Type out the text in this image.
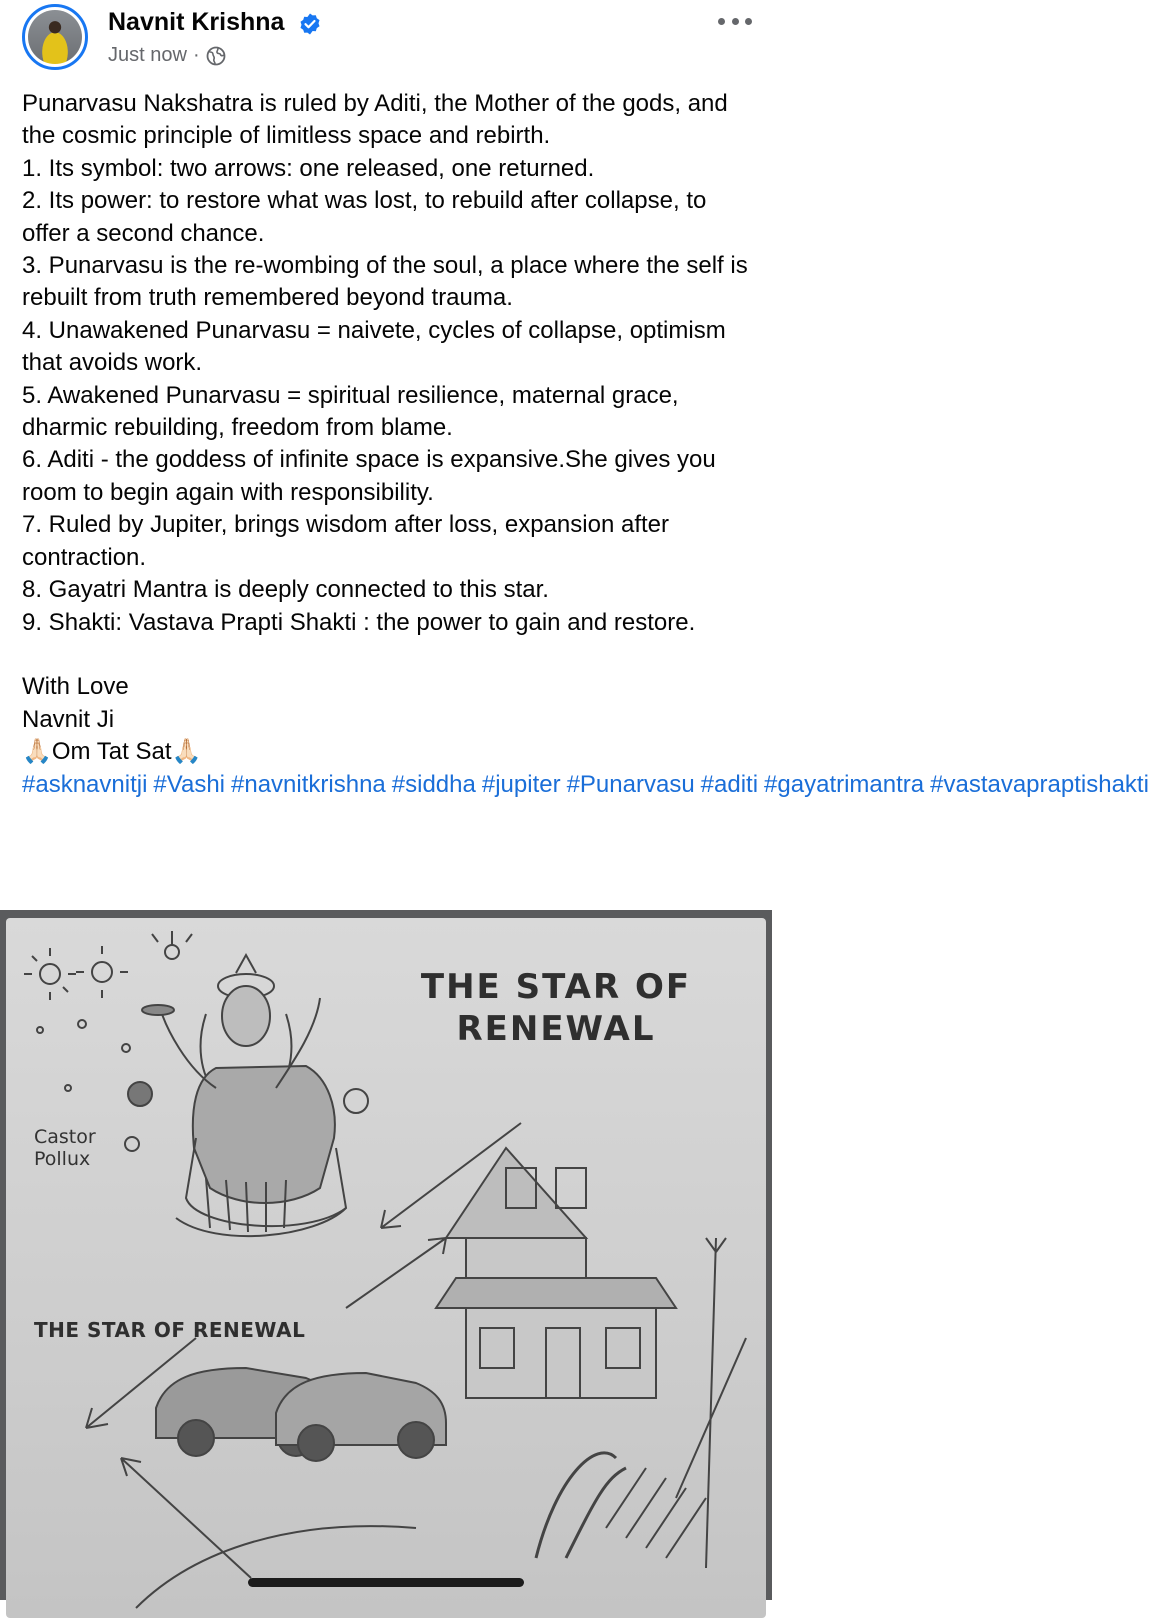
Navnit Krishna
Just now ·

Punarvasu Nakshatra is ruled by Aditi, the Mother of the gods, and the cosmic principle of limitless space and rebirth.

1. Its symbol: two arrows: one released, one returned.

2. Its power: to restore what was lost, to rebuild after collapse, to offer a second chance.

3. Punarvasu is the re-wombing of the soul, a place where the self is rebuilt from truth remembered beyond trauma.

4. Unawakened Punarvasu = naivete, cycles of collapse, optimism that avoids work.

5. Awakened Punarvasu = spiritual resilience, maternal grace, dharmic rebuilding, freedom from blame.

6. Aditi - the goddess of infinite space is expansive.She gives you room to begin again with responsibility.

7. Ruled by Jupiter, brings wisdom after loss, expansion after contraction.

8. Gayatri Mantra is deeply connected to this star.

9. Shakti: Vastava Prapti Shakti : the power to gain and restore.

With Love

Navnit Ji

🙏🏻Om Tat Sat🙏🏻

#asknavnitji #Vashi #navnitkrishna #siddha #jupiter #Punarvasu #aditi #gayatrimantra #vastavapraptishakti

THE STAR OF
RENEWAL
Castor
Pollux
THE STAR OF RENEWAL
